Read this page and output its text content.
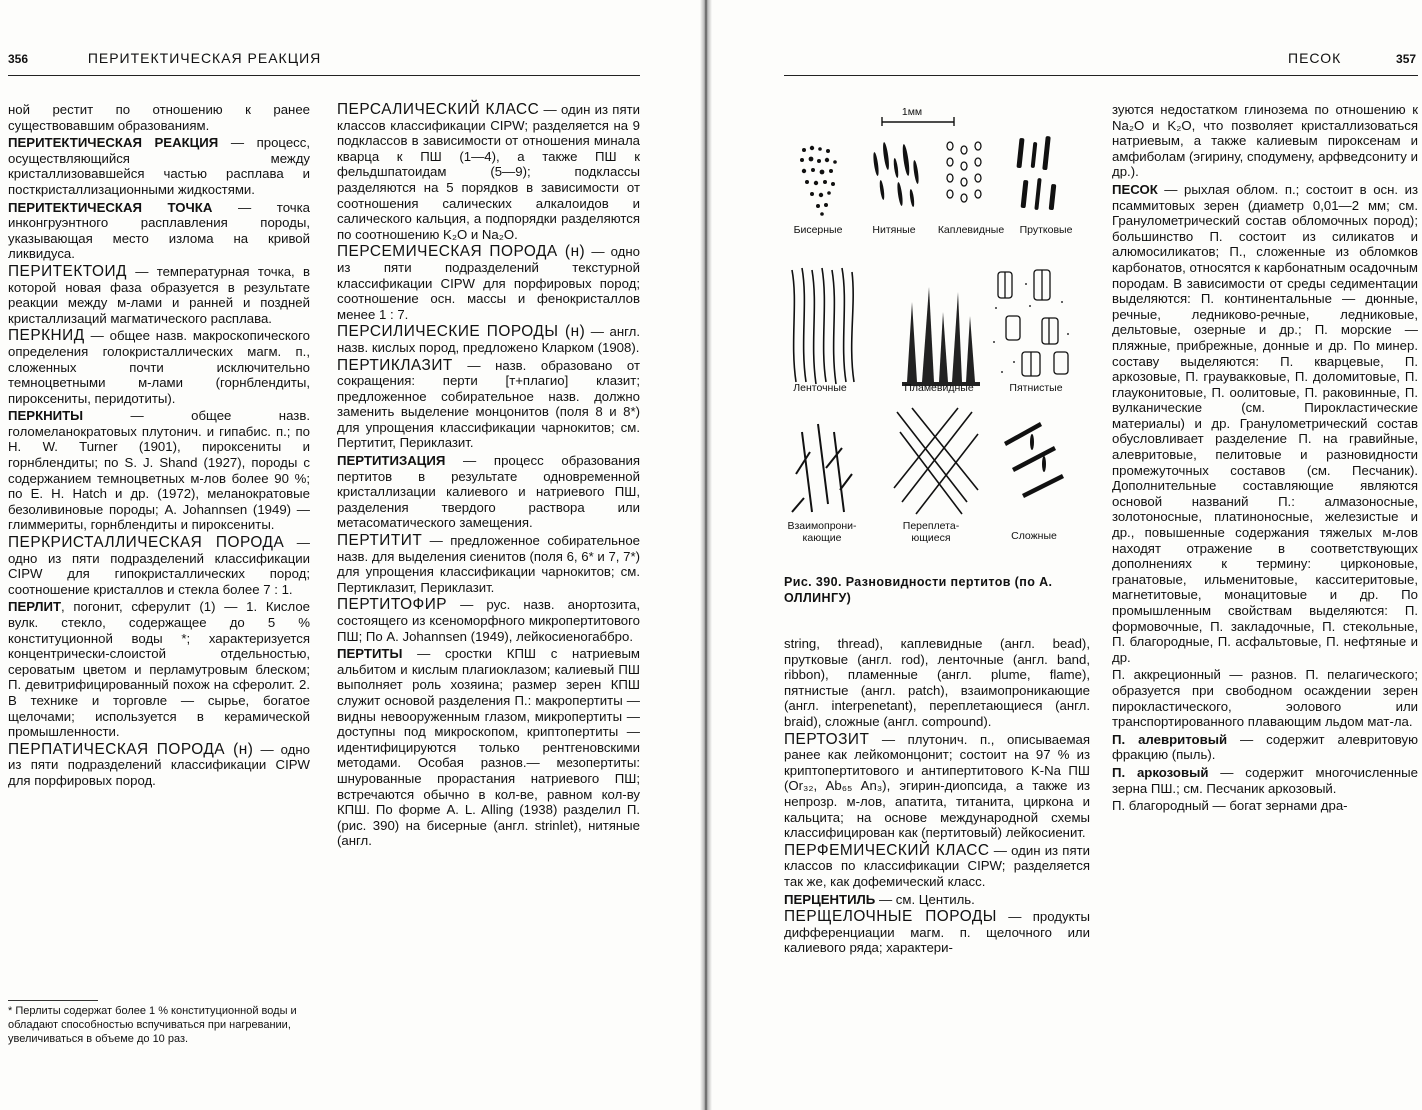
356	ПЕРИТЕКТИЧЕСКАЯ РЕАКЦИЯ

ной рестит по отношению к ранее существовавшим образованиям.

ПЕРИТЕКТИЧЕСКАЯ РЕАКЦИЯ — процесс, осуществляющийся между кристаллизовавшейся частью расплава и посткристаллизационными жидкостями.

ПЕРИТЕКТИЧЕСКАЯ ТОЧКА — точка инконгруэнтного расплавления породы, указывающая место излома на кривой ликвидуса.

ПЕРИТЕКТОИД — температурная точка, в которой новая фаза образуется в результате реакции между м-лами и ранней и поздней кристаллизаций магматического расплава.

ПЕРКНИД — общее назв. макроскопического определения голокристаллических магм. п., сложенных почти исключительно темноцветными м-лами (горнблендиты, пироксениты, перидотиты).

ПЕРКНИТЫ — общее назв. голомеланократовых плутонич. и гипабис. п.; по H. W. Turner (1901), пироксениты и горнблендиты; по S. J. Shand (1927), породы с содержанием темноцветных м-лов более 90 %; по E. H. Hatch и др. (1972), меланократовые безоливиновые породы; A. Johannsen (1949) — глиммериты, горнблендиты и пироксениты.

ПЕРКРИСТАЛЛИЧЕСКАЯ ПОРОДА — одно из пяти подразделений классификации CIPW для гипокристаллических пород; соотношение кристаллов и стекла более 7 : 1.

ПЕРЛИТ, погонит, сферулит (1) — 1. Кислое вулк. стекло, содержащее до 5 % конституционной воды *; характеризуется концентрически-слоистой отдельностью, сероватым цветом и перламутровым блеском; П. девитрифицированный похож на сферолит. 2. В технике и торговле — сырье, богатое щелочами; используется в керамической промышленности.

ПЕРПАТИЧЕСКАЯ ПОРОДА (н) — одно из пяти подразделений классификации CIPW для порфировых пород.

* Перлиты содержат более 1 % конституционной воды и обладают способностью вспучиваться при нагревании, увеличиваться в объеме до 10 раз.

ПЕРСАЛИЧЕСКИЙ КЛАСС — один из пяти классов классификации CIPW; разделяется на 9 подклассов в зависимости от отношения минала кварца к ПШ (1—4), а также ПШ к фельдшпатоидам (5—9); подклассы разделяются на 5 порядков в зависимости от соотношения салических алкалоидов и салического кальция, а подпорядки разделяются по соотношению K₂O и Na₂O.

ПЕРСЕМИЧЕСКАЯ ПОРОДА (н) — одно из пяти подразделений текстурной классификации CIPW для порфировых пород; соотношение осн. массы и фенокристаллов менее 1 : 7.

ПЕРСИЛИЧЕСКИЕ ПОРОДЫ (н) — англ. назв. кислых пород, предложено Кларком (1908).

ПЕРТИКЛАЗИТ — назв. образовано от сокращения: перти [т+плагио] клазит; предложенное собирательное назв. должно заменить выделение монцонитов (поля 8 и 8*) для упрощения классификации чарнокитов; см. Пертитит, Периклазит.

ПЕРТИТИЗАЦИЯ — процесс образования пертитов в результате одновременной кристаллизации калиевого и натриевого ПШ, разделения твердого раствора или метасоматического замещения.

ПЕРТИТИТ — предложенное собирательное назв. для выделения сиенитов (поля 6, 6* и 7, 7*) для упрощения классификации чарнокитов; см. Пертиклазит, Периклазит.

ПЕРТИТОФИР — рус. назв. анортозита, состоящего из ксеноморфного микропертитового ПШ; По A. Johannsen (1949), лейкосиеногаббро.

ПЕРТИТЫ — сростки КПШ с натриевым альбитом и кислым плагиоклазом; калиевый ПШ выполняет роль хозяина; размер зерен КПШ служит основой разделения П.: макропертиты — видны невооруженным глазом, микропертиты — доступны под микроскопом, криптопертиты — идентифицируются только рентгеновскими методами. Особая разнов.— мезопертиты: шнурованные прорастания натриевого ПШ; встречаются обычно в кол-ве, равном кол-ву КПШ. По форме A. L. Alling (1938) разделил П. (рис. 390) на бисерные (англ. strinlet), нитяные (англ.

ПЕСОК	357
1мм
Бисерные	Нитяные	Каплевидные	Прутковые
Ленточные	Пламевидные	Пятнистые
Взаимопрони-кающие
Переплета-ющиеся	Сложные
Рис. 390. Разновидности пертитов (по А. ОЛЛИНГУ)

string, thread), каплевидные (англ. bead), прутковые (англ. rod), ленточные (англ. band, ribbon), пламенные (англ. plume, flame), пятнистые (англ. patch), взаимопроникающие (англ. interpenetant), переплетающиеся (англ. braid), сложные (англ. compound).

ПЕРТОЗИТ — плутонич. п., описываемая ранее как лейкомонцонит; состоит на 97 % из криптопертитового и антипертитового K-Na ПШ (Or₃₂, Ab₆₅ An₃), эгирин-диопсида, а также из непрозр. м-лов, апатита, титанита, циркона и кальцита; на основе международной схемы классифицирован как (пертитовый) лейкосиенит.

ПЕРФЕМИЧЕСКИЙ КЛАСС — один из пяти классов по классификации CIPW; разделяется так же, как дофемический класс.

ПЕРЦЕНТИЛЬ — см. Центиль.

ПЕРЩЕЛОЧНЫЕ ПОРОДЫ — продукты дифференциации магм. п. щелочного или калиевого ряда; характери-

зуются недостатком глинозема по отношению к Na₂O и K₂O, что позволяет кристаллизоваться натриевым, а также калиевым пироксенам и амфиболам (эгирину, сподумену, арфведсониту и др.).

ПЕСОК — рыхлая облом. п.; состоит в осн. из псаммитовых зерен (диаметр 0,01—2 мм; см. Гранулометрический состав обломочных пород); большинство П. состоит из силикатов и алюмосиликатов; П., сложенные из обломков карбонатов, относятся к карбонатным осадочным породам. В зависимости от среды седиментации выделяются: П. континентальные — дюнные, речные, ледниково-речные, ледниковые, дельтовые, озерные и др.; П. морские — пляжные, прибрежные, донные и др. По минер. составу выделяются: П. кварцевые, П. аркозовые, П. граувакковые, П. доломитовые, П. глауконитовые, П. оолитовые, П. раковинные, П. вулканические (см. Пирокластические материалы) и др. Гранулометрический состав обусловливает разделение П. на гравийные, алевритовые, пелитовые и разновидности промежуточных составов (см. Песчаник). Дополнительные составляющие являются основой названий П.: алмазоносные, золотоносные, платиноносные, железистые и др., повышенные содержания тяжелых м-лов находят отражение в соответствующих дополнениях к термину: цирконовые, гранатовые, ильменитовые, касситеритовые, магнетитовые, монацитовые и др. По промышленным свойствам выделяются: П. формовочные, П. закладочные, П. стекольные, П. благородные, П. асфальтовые, П. нефтяные и др.

П. аккреционный — разнов. П. пелагического; образуется при свободном осаждении зерен пирокластического, эолового или транспортированного плавающим льдом мат-ла.

П. алевритовый — содержит алевритовую фракцию (пыль).

П. аркозовый — содержит многочисленные зерна ПШ.; см. Песчаник аркозовый.

П. благородный — богат зернами дра-
